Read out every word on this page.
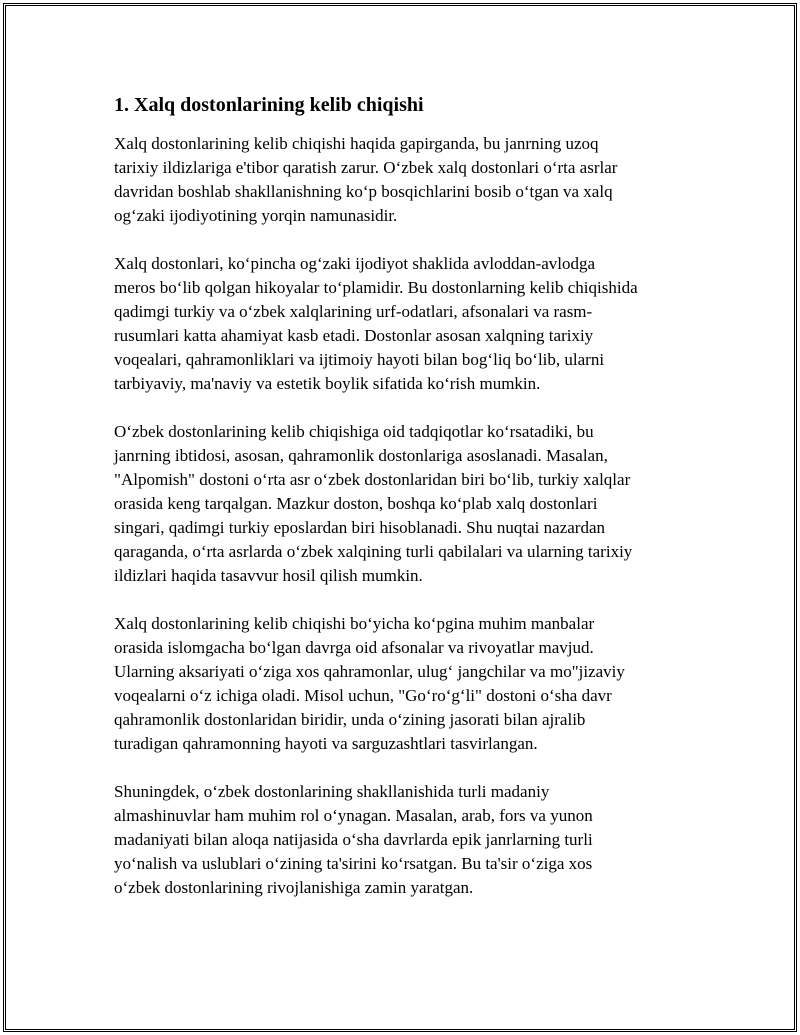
1. Xalq dostonlarining kelib chiqishi

Xalq dostonlarining kelib chiqishi haqida gapirganda, bu janrning uzoq
tarixiy ildizlariga e'tibor qaratish zarur. O‘zbek xalq dostonlari o‘rta asrlar
davridan boshlab shakllanishning ko‘p bosqichlarini bosib o‘tgan va xalq
og‘zaki ijodiyotining yorqin namunasidir.

Xalq dostonlari, ko‘pincha og‘zaki ijodiyot shaklida avloddan-avlodga
meros bo‘lib qolgan hikoyalar to‘plamidir. Bu dostonlarning kelib chiqishida
qadimgi turkiy va o‘zbek xalqlarining urf-odatlari, afsonalari va rasm-
rusumlari katta ahamiyat kasb etadi. Dostonlar asosan xalqning tarixiy
voqealari, qahramonliklari va ijtimoiy hayoti bilan bog‘liq bo‘lib, ularni
tarbiyaviy, ma'naviy va estetik boylik sifatida ko‘rish mumkin.

O‘zbek dostonlarining kelib chiqishiga oid tadqiqotlar ko‘rsatadiki, bu
janrning ibtidosi, asosan, qahramonlik dostonlariga asoslanadi. Masalan,
"Alpomish" dostoni o‘rta asr o‘zbek dostonlaridan biri bo‘lib, turkiy xalqlar
orasida keng tarqalgan. Mazkur doston, boshqa ko‘plab xalq dostonlari
singari, qadimgi turkiy eposlardan biri hisoblanadi. Shu nuqtai nazardan
qaraganda, o‘rta asrlarda o‘zbek xalqining turli qabilalari va ularning tarixiy
ildizlari haqida tasavvur hosil qilish mumkin.

Xalq dostonlarining kelib chiqishi bo‘yicha ko‘pgina muhim manbalar
orasida islomgacha bo‘lgan davrga oid afsonalar va rivoyatlar mavjud.
Ularning aksariyati o‘ziga xos qahramonlar, ulug‘ jangchilar va mo"jizaviy
voqealarni o‘z ichiga oladi. Misol uchun, "Go‘ro‘g‘li" dostoni o‘sha davr
qahramonlik dostonlaridan biridir, unda o‘zining jasorati bilan ajralib
turadigan qahramonning hayoti va sarguzashtlari tasvirlangan.

Shuningdek, o‘zbek dostonlarining shakllanishida turli madaniy
almashinuvlar ham muhim rol o‘ynagan. Masalan, arab, fors va yunon
madaniyati bilan aloqa natijasida o‘sha davrlarda epik janrlarning turli
yo‘nalish va uslublari o‘zining ta'sirini ko‘rsatgan. Bu ta'sir o‘ziga xos
o‘zbek dostonlarining rivojlanishiga zamin yaratgan.
